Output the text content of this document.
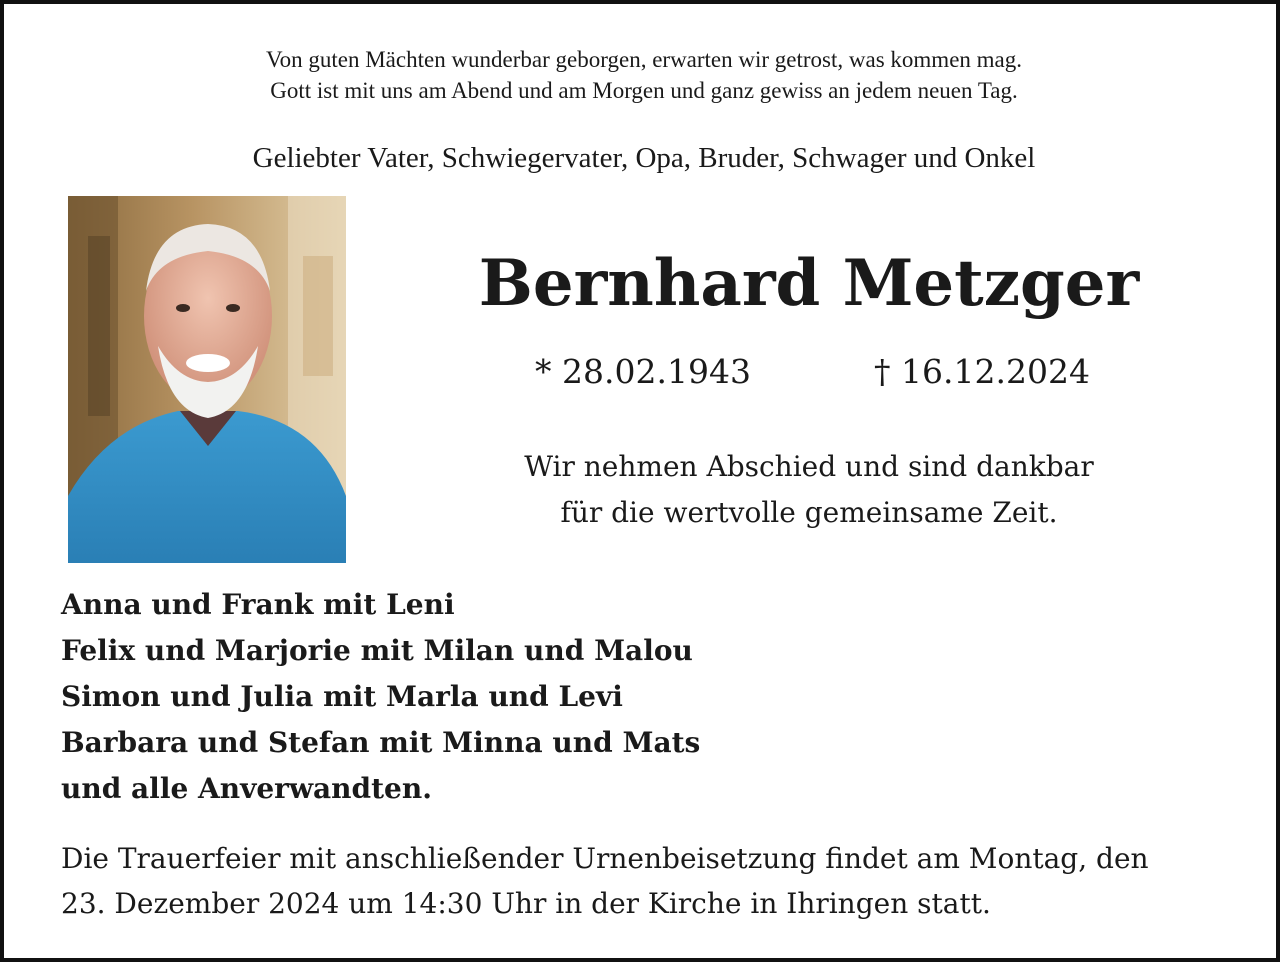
Von guten Mächten wunderbar geborgen, erwarten wir getrost, was kommen mag.
Gott ist mit uns am Abend und am Morgen und ganz gewiss an jedem neuen Tag.
Geliebter Vater, Schwiegervater, Opa, Bruder, Schwager und Onkel
Bernhard Metzger
* 28.02.1943	† 16.12.2024
Wir nehmen Abschied und sind dankbar
für die wertvolle gemeinsame Zeit.
Anna und Frank mit Leni
Felix und Marjorie mit Milan und Malou
Simon und Julia mit Marla und Levi
Barbara und Stefan mit Minna und Mats
und alle Anverwandten.
Die Trauerfeier mit anschließender Urnenbeisetzung findet am Montag, den
23. Dezember 2024 um 14:30 Uhr in der Kirche in Ihringen statt.
